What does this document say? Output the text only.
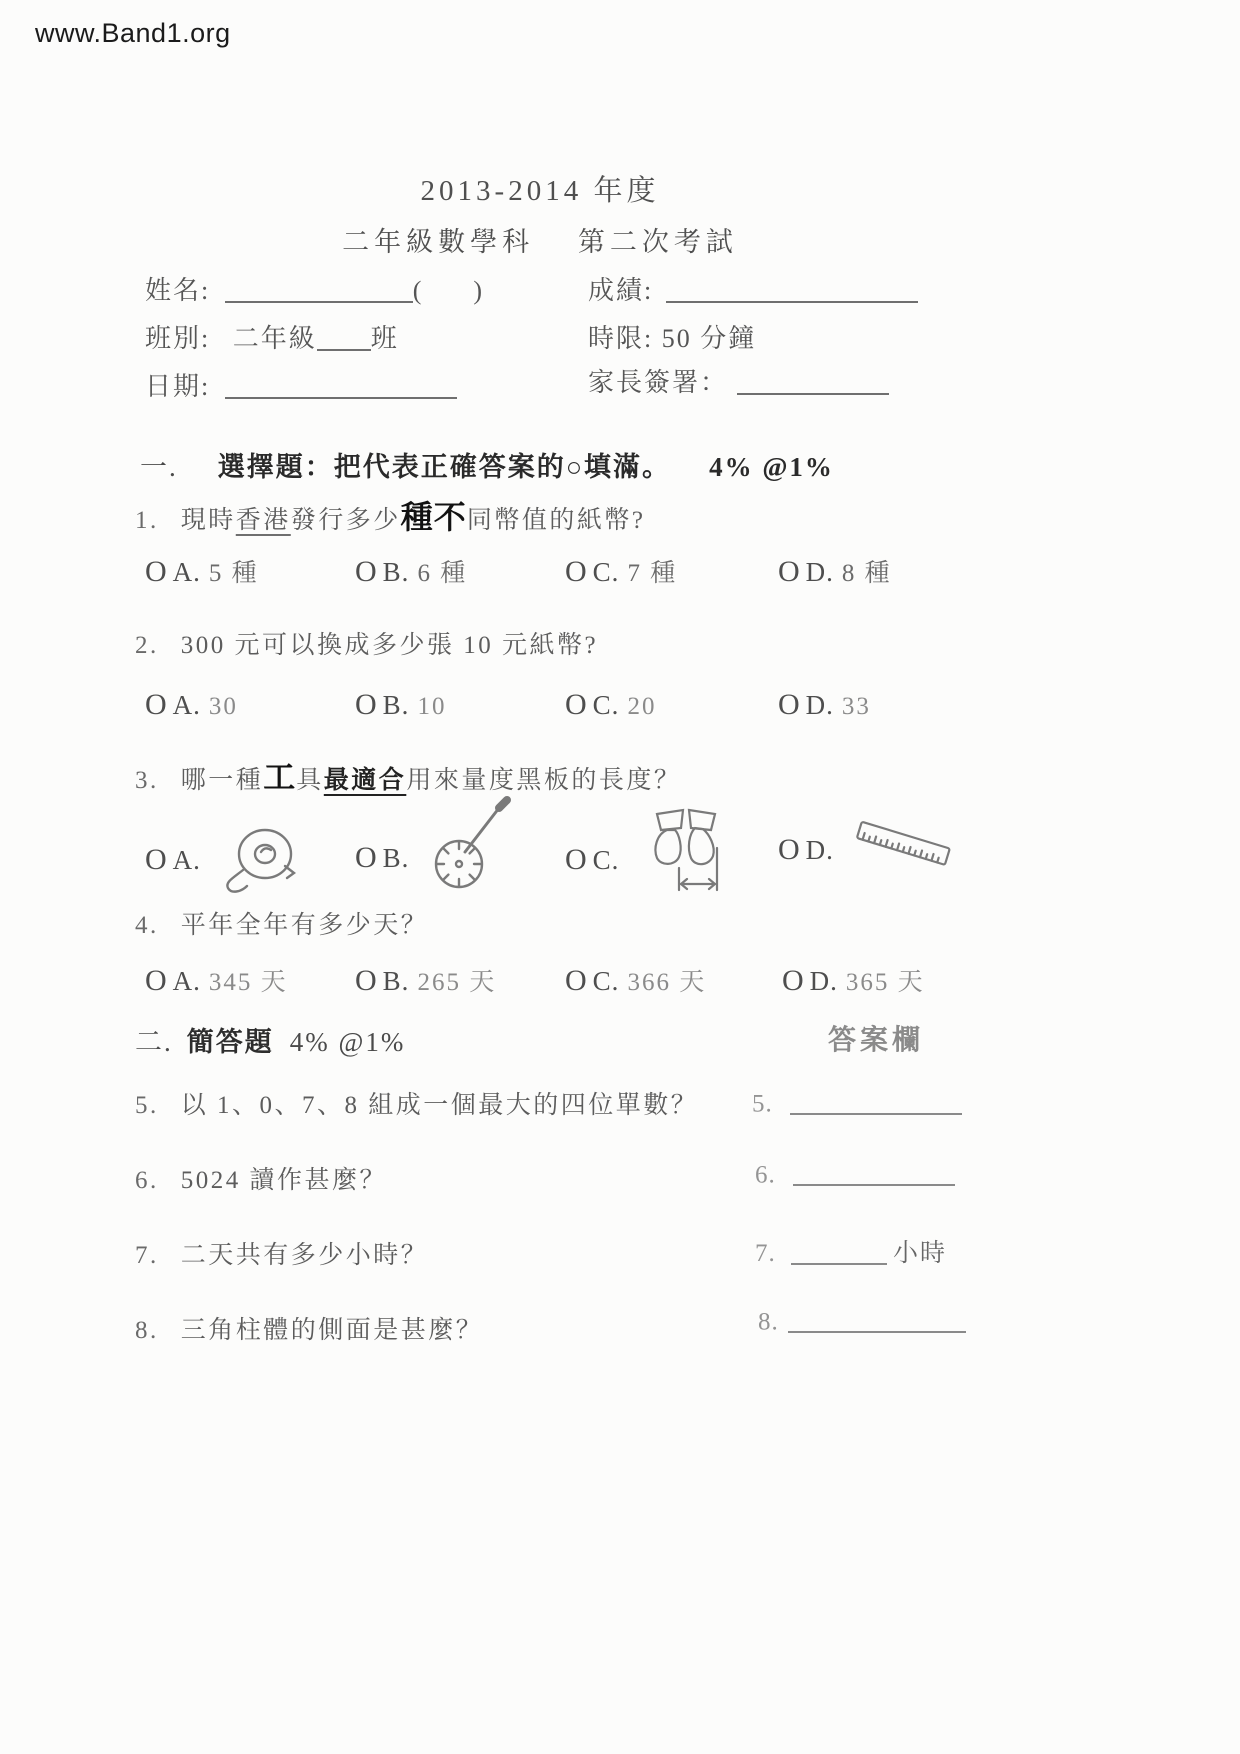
www.Band1.org
2013-2014 年度
二年級數學科　 第二次考試
姓名:	(　　)	成績:
班別: 二年級 班	時限: 50 分鐘
日期:	家長簽署：
一. 選擇題：把代表正確答案的○填滿。 4% @1%
1. 現時香港發行多少種不同幣值的紙幣?
O A. 5 種	O B. 6 種	O C. 7 種	O D. 8 種
2. 300 元可以換成多少張 10 元紙幣?
O A. 30	O B. 10	O C. 20	O D. 33
3. 哪一種工具最適合用來量度黑板的長度？
O A.	O B.	O C.	O D.
4. 平年全年有多少天？
O A. 345 天 O B. 265 天 O C. 366 天	O D. 365 天
二. 簡答題 4% @1%	答案欄
5. 以 1、0、7、8 組成一個最大的四位單數？ 5.
6. 5024 讀作甚麼？	6.
7. 二天共有多少小時？	7.	小時
8. 三角柱體的側面是甚麼？	8.
